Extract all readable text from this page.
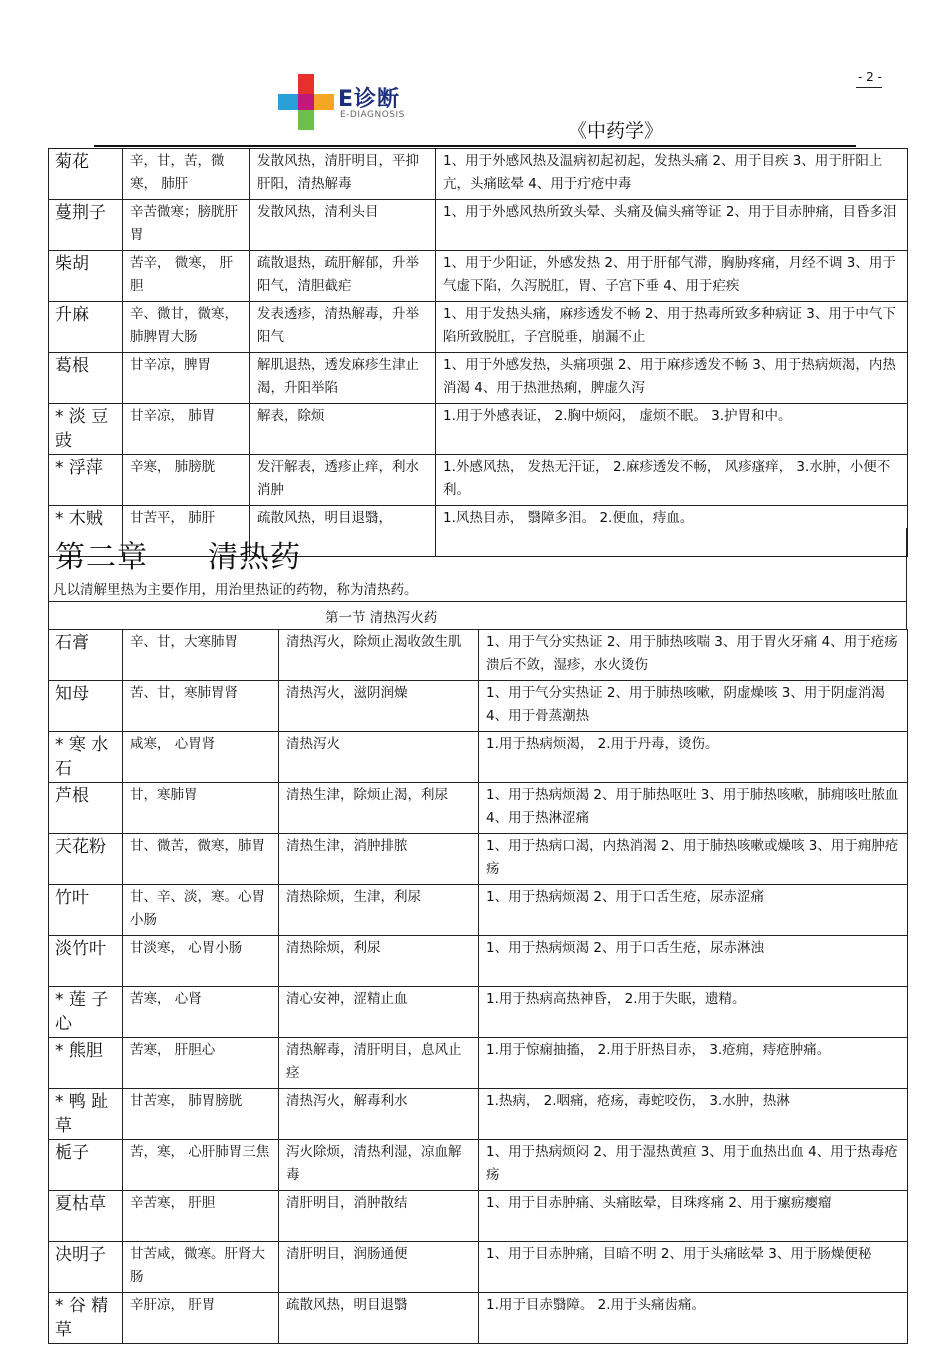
- 2 -
E诊断
E-DIAGNOSIS
《中药学》
菊花	辛，甘，苦，微寒， 肺肝	发散风热，清肝明目，平抑肝阳，清热解毒	1、用于外感风热及温病初起初起，发热头痛 2、用于目疾 3、用于肝阳上亢，头痛眩晕 4、用于疔疮中毒
蔓荆子	辛苦微寒；膀胱肝胃	发散风热，清利头目	1、用于外感风热所致头晕、头痛及偏头痛等证 2、用于目赤肿痛，目昏多泪
柴胡	苦辛， 微寒， 肝胆	疏散退热，疏肝解郁，升举阳气，清胆截疟	1、用于少阳证，外感发热 2、用于肝郁气滞，胸胁疼痛，月经不调 3、用于气虚下陷，久泻脱肛，胃、子宫下垂 4、用于疟疾
升麻	辛、微甘，微寒，肺脾胃大肠	发表透疹，清热解毒，升举阳气	1、用于发热头痛，麻疹透发不畅 2、用于热毒所致多种病证 3、用于中气下陷所致脱肛，子宫脱垂，崩漏不止
葛根	甘辛凉，脾胃	解肌退热，透发麻疹生津止渴，升阳举陷	1、用于外感发热，头痛项强 2、用于麻疹透发不畅 3、用于热病烦渴，内热消渴 4、用于热泄热痢，脾虚久泻
* 淡 豆 豉	甘辛凉， 肺胃	解表，除烦	1.用于外感表证， 2.胸中烦闷， 虚烦不眠。 3.护胃和中。
* 浮萍	辛寒， 肺膀胱	发汗解表，透疹止痒，利水消肿	1.外感风热， 发热无汗证， 2.麻疹透发不畅， 风疹瘙痒， 3.水肿，小便不利。
* 木贼	甘苦平， 肺肝	疏散风热，明目退翳，	1.风热目赤， 翳障多泪。 2.便血，痔血。
第二章 清热药
凡以清解里热为主要作用，用治里热证的药物，称为清热药。
第一节 清热泻火药
石膏	辛、甘，大寒肺胃	清热泻火，除烦止渴收敛生肌	1、用于气分实热证 2、用于肺热咳喘 3、用于胃火牙痛 4、用于疮疡溃后不敛，湿疹，水火烫伤
知母	苦、甘，寒肺胃肾	清热泻火，滋阴润燥	1、用于气分实热证 2、用于肺热咳嗽，阴虚燥咳 3、用于阴虚消渴 4、用于骨蒸潮热
* 寒 水 石	咸寒， 心胃肾	清热泻火	1.用于热病烦渴， 2.用于丹毒，烫伤。
芦根	甘，寒肺胃	清热生津，除烦止渴，利尿	1、用于热病烦渴 2、用于肺热呕吐 3、用于肺热咳嗽，肺痈咳吐脓血 4、用于热淋涩痛
天花粉	甘、微苦，微寒，肺胃	清热生津，消肿排脓	1、用于热病口渴，内热消渴 2、用于肺热咳嗽或燥咳 3、用于痈肿疮疡
竹叶	甘、辛、淡，寒。心胃小肠	清热除烦，生津，利尿	1、用于热病烦渴 2、用于口舌生疮，尿赤涩痛
淡竹叶	甘淡寒， 心胃小肠	清热除烦，利尿	1、用于热病烦渴 2、用于口舌生疮，尿赤淋浊
* 莲 子 心	苦寒， 心肾	清心安神，涩精止血	1.用于热病高热神昏， 2.用于失眠，遗精。
* 熊胆	苦寒， 肝胆心	清热解毒，清肝明目，息风止痉	1.用于惊痫抽搐， 2.用于肝热目赤， 3.疮痈，痔疮肿痛。
* 鸭 趾 草	甘苦寒， 肺胃膀胱	清热泻火，解毒利水	1.热病， 2.咽痛，疮疡，毒蛇咬伤， 3.水肿，热淋
栀子	苦，寒， 心肝肺胃三焦	泻火除烦，清热利湿，凉血解毒	1、用于热病烦闷 2、用于湿热黄疸 3、用于血热出血 4、用于热毒疮疡
夏枯草	辛苦寒， 肝胆	清肝明目，消肿散结	1、用于目赤肿痛、头痛眩晕，目珠疼痛 2、用于瘰疬瘿瘤
决明子	甘苦咸，微寒。肝肾大肠	清肝明目，润肠通便	1、用于目赤肿痛，目暗不明 2、用于头痛眩晕 3、用于肠燥便秘
* 谷 精 草	辛肝凉， 肝胃	疏散风热，明目退翳	1.用于目赤翳障。 2.用于头痛齿痛。
